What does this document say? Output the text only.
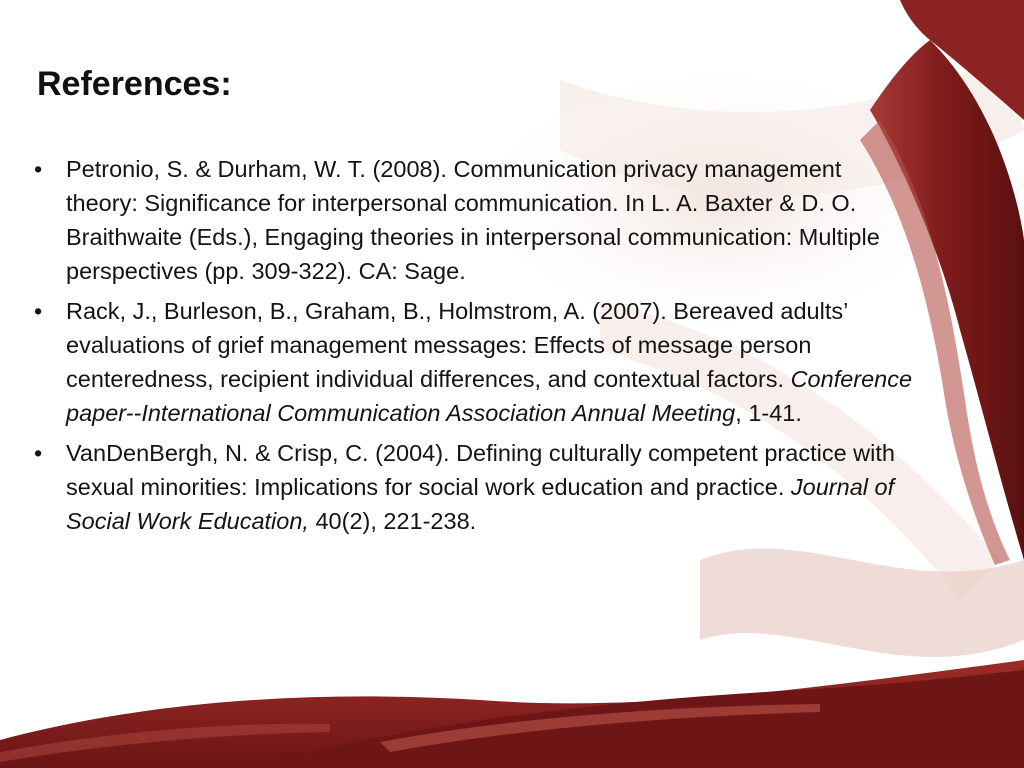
References:
• Petronio, S. & Durham, W. T. (2008). Communication privacy management theory: Significance for interpersonal communication. In L. A. Baxter & D. O. Braithwaite (Eds.), Engaging theories in interpersonal communication: Multiple perspectives (pp. 309-322). CA: Sage.
• Rack, J., Burleson, B., Graham, B., Holmstrom, A. (2007). Bereaved adults’ evaluations of grief management messages: Effects of message person centeredness, recipient individual differences, and contextual factors. Conference paper--International Communication Association Annual Meeting, 1-41.
• VanDenBergh, N. & Crisp, C. (2004). Defining culturally competent practice with sexual minorities: Implications for social work education and practice. Journal of Social Work Education, 40(2), 221-238.
